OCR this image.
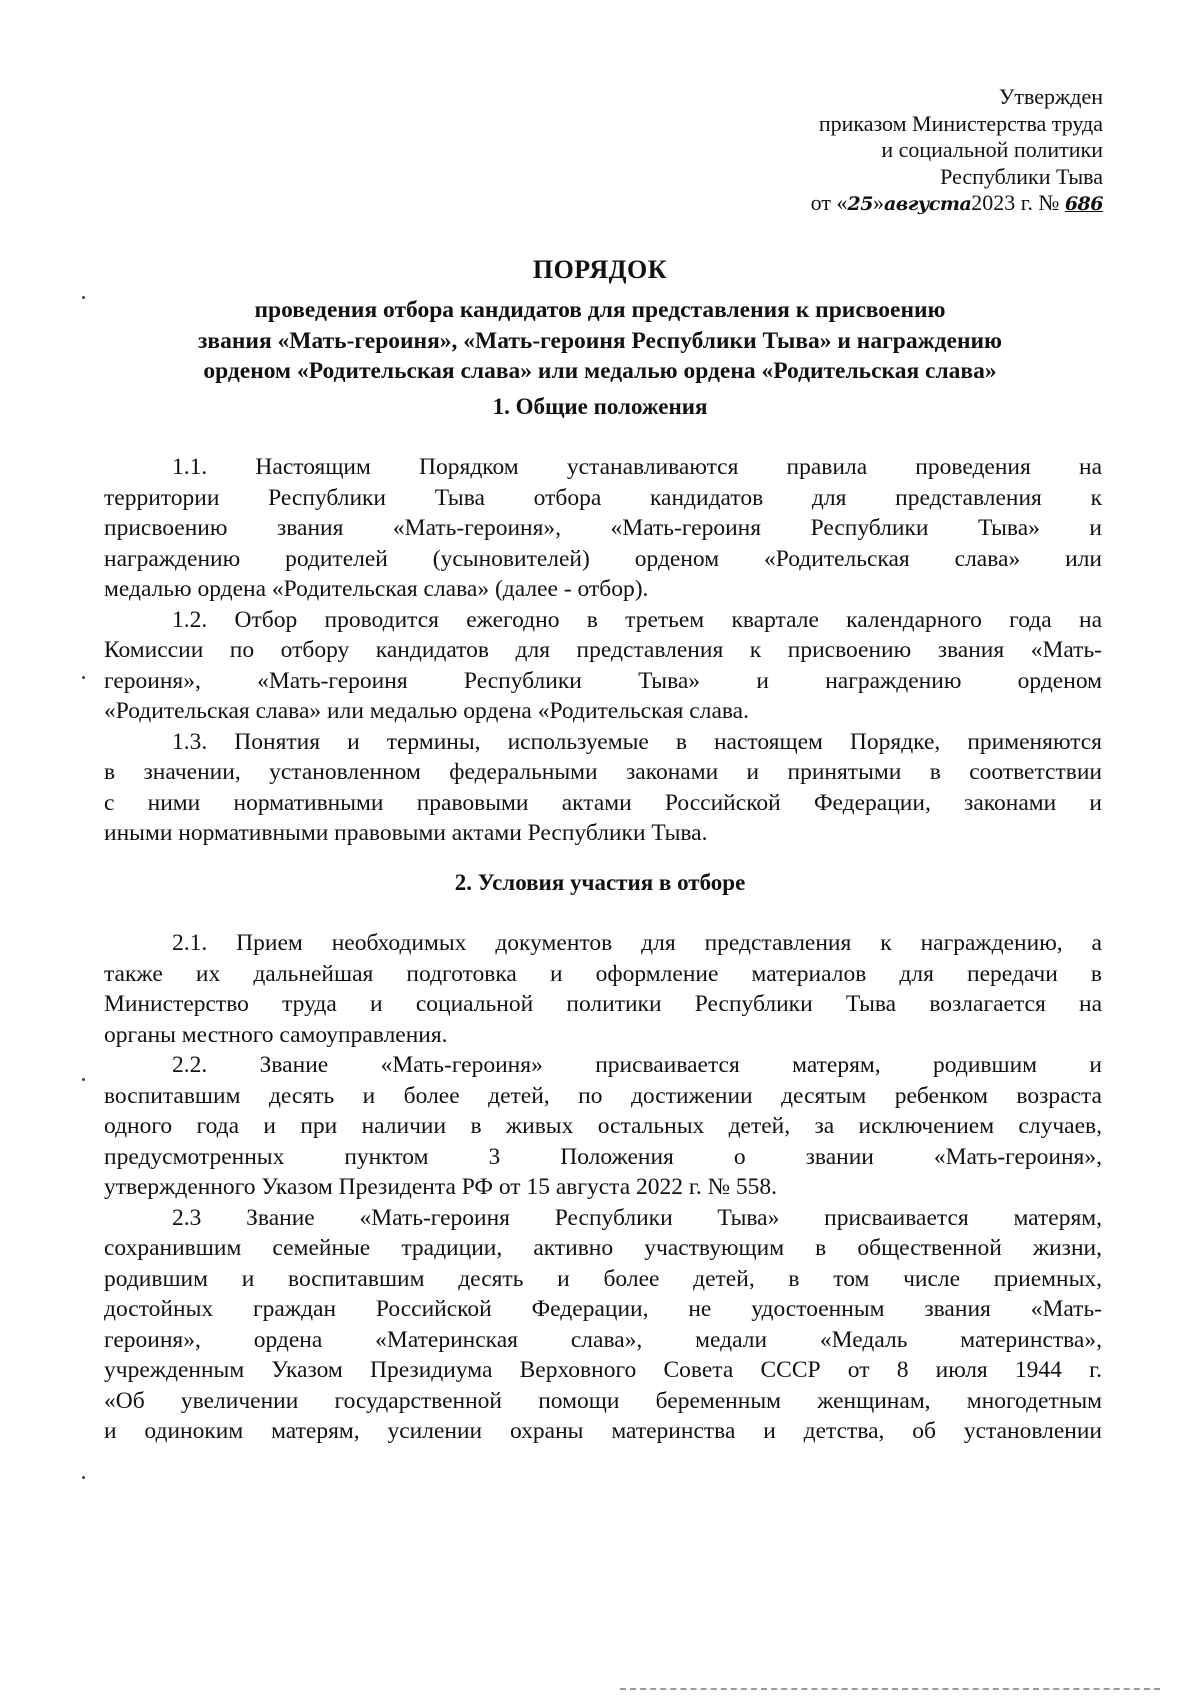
Утвержден
приказом Министерства труда
и социальной политики
Республики Тыва
от «25»августа2023 г. № 686
ПОРЯДОК
проведения отбора кандидатов для представления к присвоению
звания «Мать-героиня», «Мать-героиня Республики Тыва» и награждению
орденом «Родительская слава» или медалью ордена «Родительская слава»
1. Общие положения
1.1. Настоящим Порядком устанавливаются правила проведения на
территории Республики Тыва отбора кандидатов для представления к
присвоению звания «Мать-героиня», «Мать-героиня Республики Тыва» и
награждению родителей (усыновителей) орденом «Родительская слава» или
медалью ордена «Родительская слава» (далее - отбор).
1.2. Отбор проводится ежегодно в третьем квартале календарного года на
Комиссии по отбору кандидатов для представления к присвоению звания «Мать-
героиня», «Мать-героиня Республики Тыва» и награждению орденом
«Родительская слава» или медалью ордена «Родительская слава.
1.3. Понятия и термины, используемые в настоящем Порядке, применяются
в значении, установленном федеральными законами и принятыми в соответствии
с ними нормативными правовыми актами Российской Федерации, законами и
иными нормативными правовыми актами Республики Тыва.
2. Условия участия в отборе
2.1. Прием необходимых документов для представления к награждению, а
также их дальнейшая подготовка и оформление материалов для передачи в
Министерство труда и социальной политики Республики Тыва возлагается на
органы местного самоуправления.
2.2. Звание «Мать-героиня» присваивается матерям, родившим и
воспитавшим десять и более детей, по достижении десятым ребенком возраста
одного года и при наличии в живых остальных детей, за исключением случаев,
предусмотренных пунктом 3 Положения о звании «Мать-героиня»,
утвержденного Указом Президента РФ от 15 августа 2022 г. № 558.
2.3 Звание «Мать-героиня Республики Тыва» присваивается матерям,
сохранившим семейные традиции, активно участвующим в общественной жизни,
родившим и воспитавшим десять и более детей, в том числе приемных,
достойных граждан Российской Федерации, не удостоенным звания «Мать-
героиня», ордена «Материнская слава», медали «Медаль материнства»,
учрежденным Указом Президиума Верховного Совета СССР от 8 июля 1944 г.
«Об увеличении государственной помощи беременным женщинам, многодетным
и одиноким матерям, усилении охраны материнства и детства, об установлении
